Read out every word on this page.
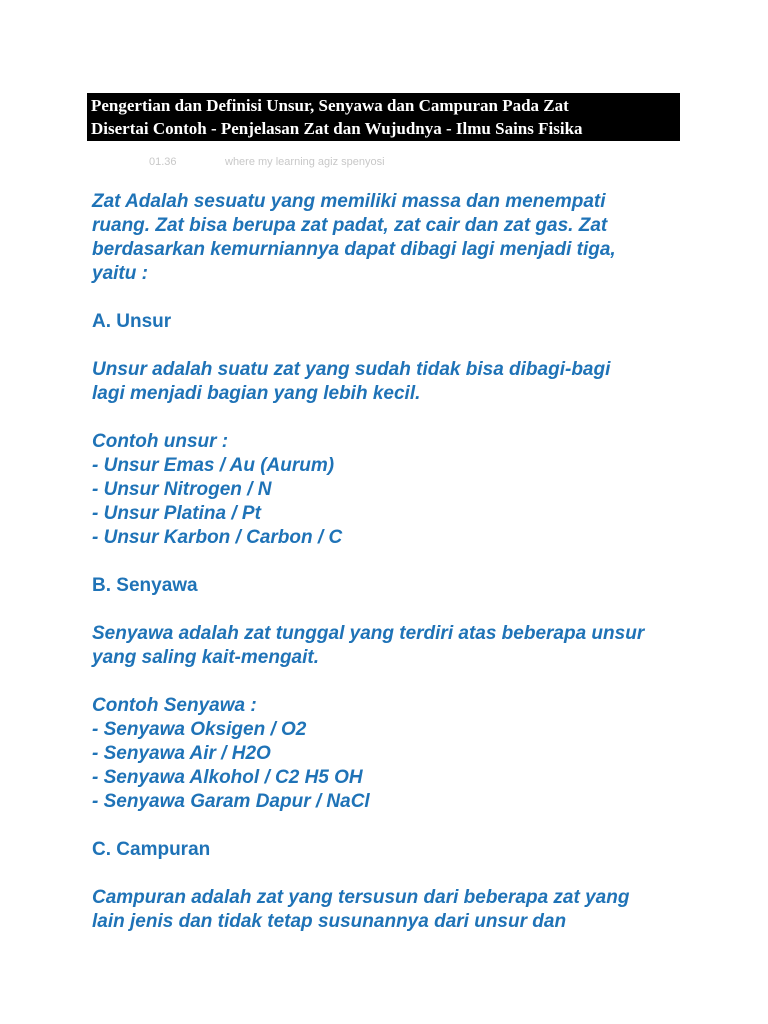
Pengertian dan Definisi Unsur, Senyawa dan Campuran Pada Zat
Disertai Contoh - Penjelasan Zat dan Wujudnya - Ilmu Sains Fisika
01.36	where my learning agiz spenyosi

Zat Adalah sesuatu yang memiliki massa dan menempati
ruang. Zat bisa berupa zat padat, zat cair dan zat gas. Zat
berdasarkan kemurniannya dapat dibagi lagi menjadi tiga,
yaitu :

A. Unsur

Unsur adalah suatu zat yang sudah tidak bisa dibagi-bagi
lagi menjadi bagian yang lebih kecil.

Contoh unsur :
- Unsur Emas / Au (Aurum)
- Unsur Nitrogen / N
- Unsur Platina / Pt
- Unsur Karbon / Carbon / C
B. Senyawa

Senyawa adalah zat tunggal yang terdiri atas beberapa unsur
yang saling kait-mengait.

Contoh Senyawa :
- Senyawa Oksigen / O2
- Senyawa Air / H2O
- Senyawa Alkohol / C2 H5 OH
- Senyawa Garam Dapur / NaCl
C. Campuran

Campuran adalah zat yang tersusun dari beberapa zat yang
lain jenis dan tidak tetap susunannya dari unsur dan
